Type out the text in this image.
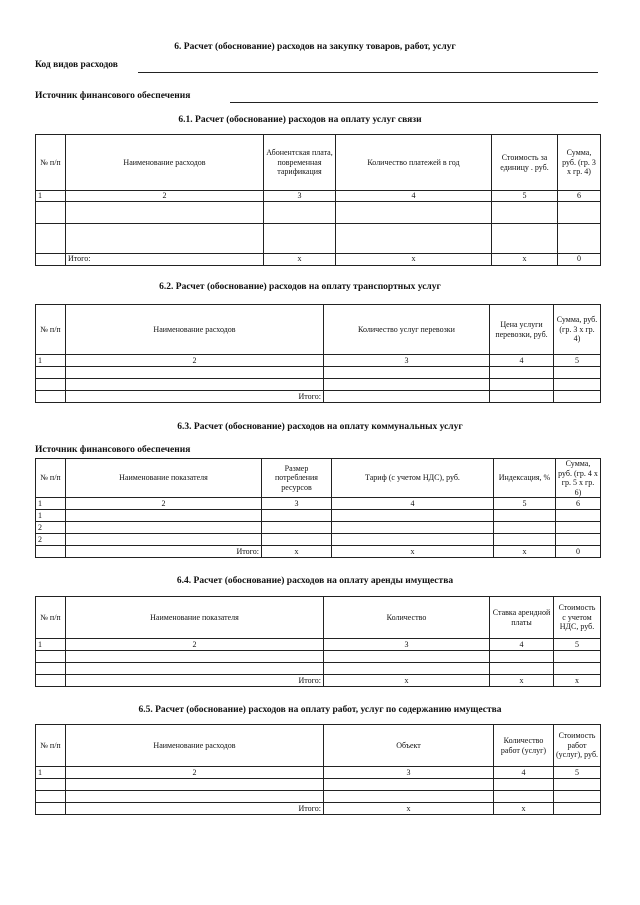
6. Расчет (обоснование) расходов на закупку товаров, работ, услуг
Код видов расходов
Источник финансового обеспечения
6.1. Расчет (обоснование) расходов на оплату услуг связи
№ п/п	Наименование расходов	Абонентская плата, повременная тарификация	Количество платежей в год	Стоимость за единицу . руб.	Сумма, руб. (гр. 3 х гр. 4)
1	2	3	4	5	6

	Итого:	x	x	x	0
6.2. Расчет (обоснование) расходов на оплату транспортных услуг
№ п/п	Наименование расходов	Количество услуг перевозки	Цена услуги перевозки, руб.	Сумма, руб. (гр. 3 х гр. 4)
1	2	3	4	5

	Итого:			
6.3. Расчет (обоснование) расходов на оплату коммунальных услуг
Источник финансового обеспечения
№ п/п	Наименование показателя	Размер потребления ресурсов	Тариф (с учетом НДС), руб.	Индексация, %	Сумма, руб. (гр. 4 х гр. 5 х гр. 6)
1	2	3	4	5	6
1					
2					
2					
	Итого:	x	x	x	0
6.4. Расчет (обоснование) расходов на оплату аренды имущества
№ п/п	Наименование показателя	Количество	Ставка арендной платы	Стоимость с учетом НДС, руб.
1	2	3	4	5

	Итого:	x	x	x
6.5. Расчет (обоснование) расходов на оплату работ, услуг по содержанию имущества
№ п/п	Наименование расходов	Объект	Количество работ (услуг)	Стоимость работ (услуг), руб.
1	2	3	4	5

	Итого:	x	x	
